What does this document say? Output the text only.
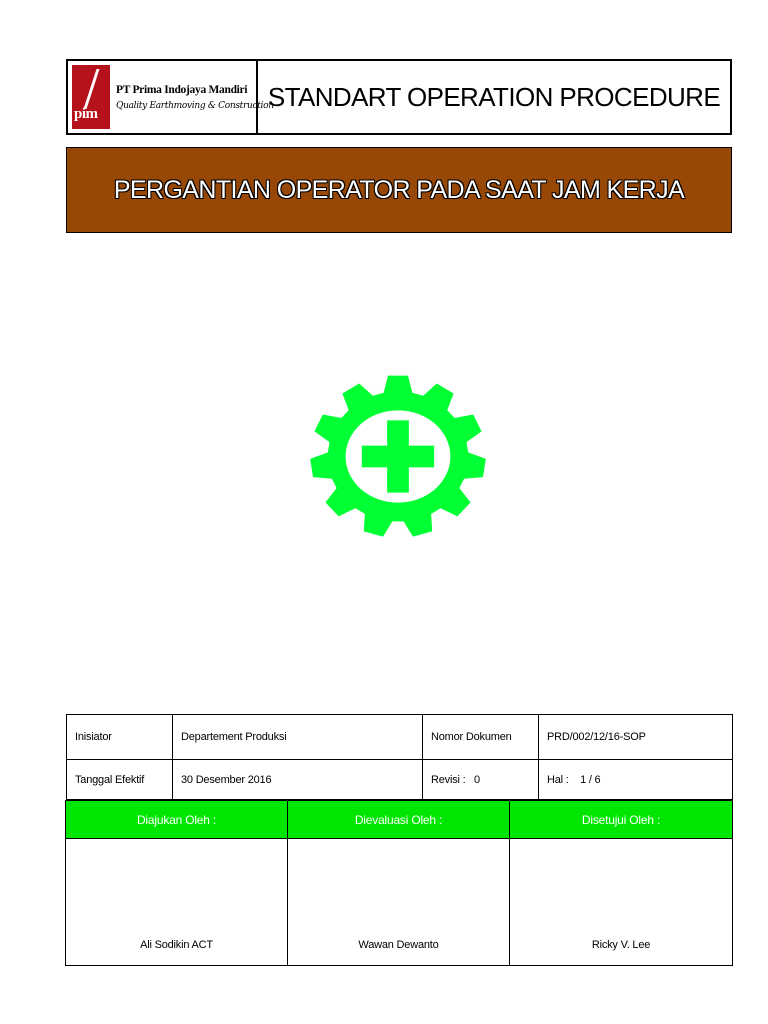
pim
PT Prima Indojaya Mandiri
Quality Earthmoving & Construction
STANDART OPERATION PROCEDURE
PERGANTIAN OPERATOR PADA SAAT JAM KERJA
Inisiator	Departement Produksi	Nomor Dokumen	PRD/002/12/16-SOP
Tanggal Efektif	30 Desember 2016	Revisi : 0	Hal : 1 / 6
Diajukan Oleh :	Dievaluasi Oleh :	Disetujui Oleh :
Ali Sodikin ACT	Wawan Dewanto	Ricky V. Lee
